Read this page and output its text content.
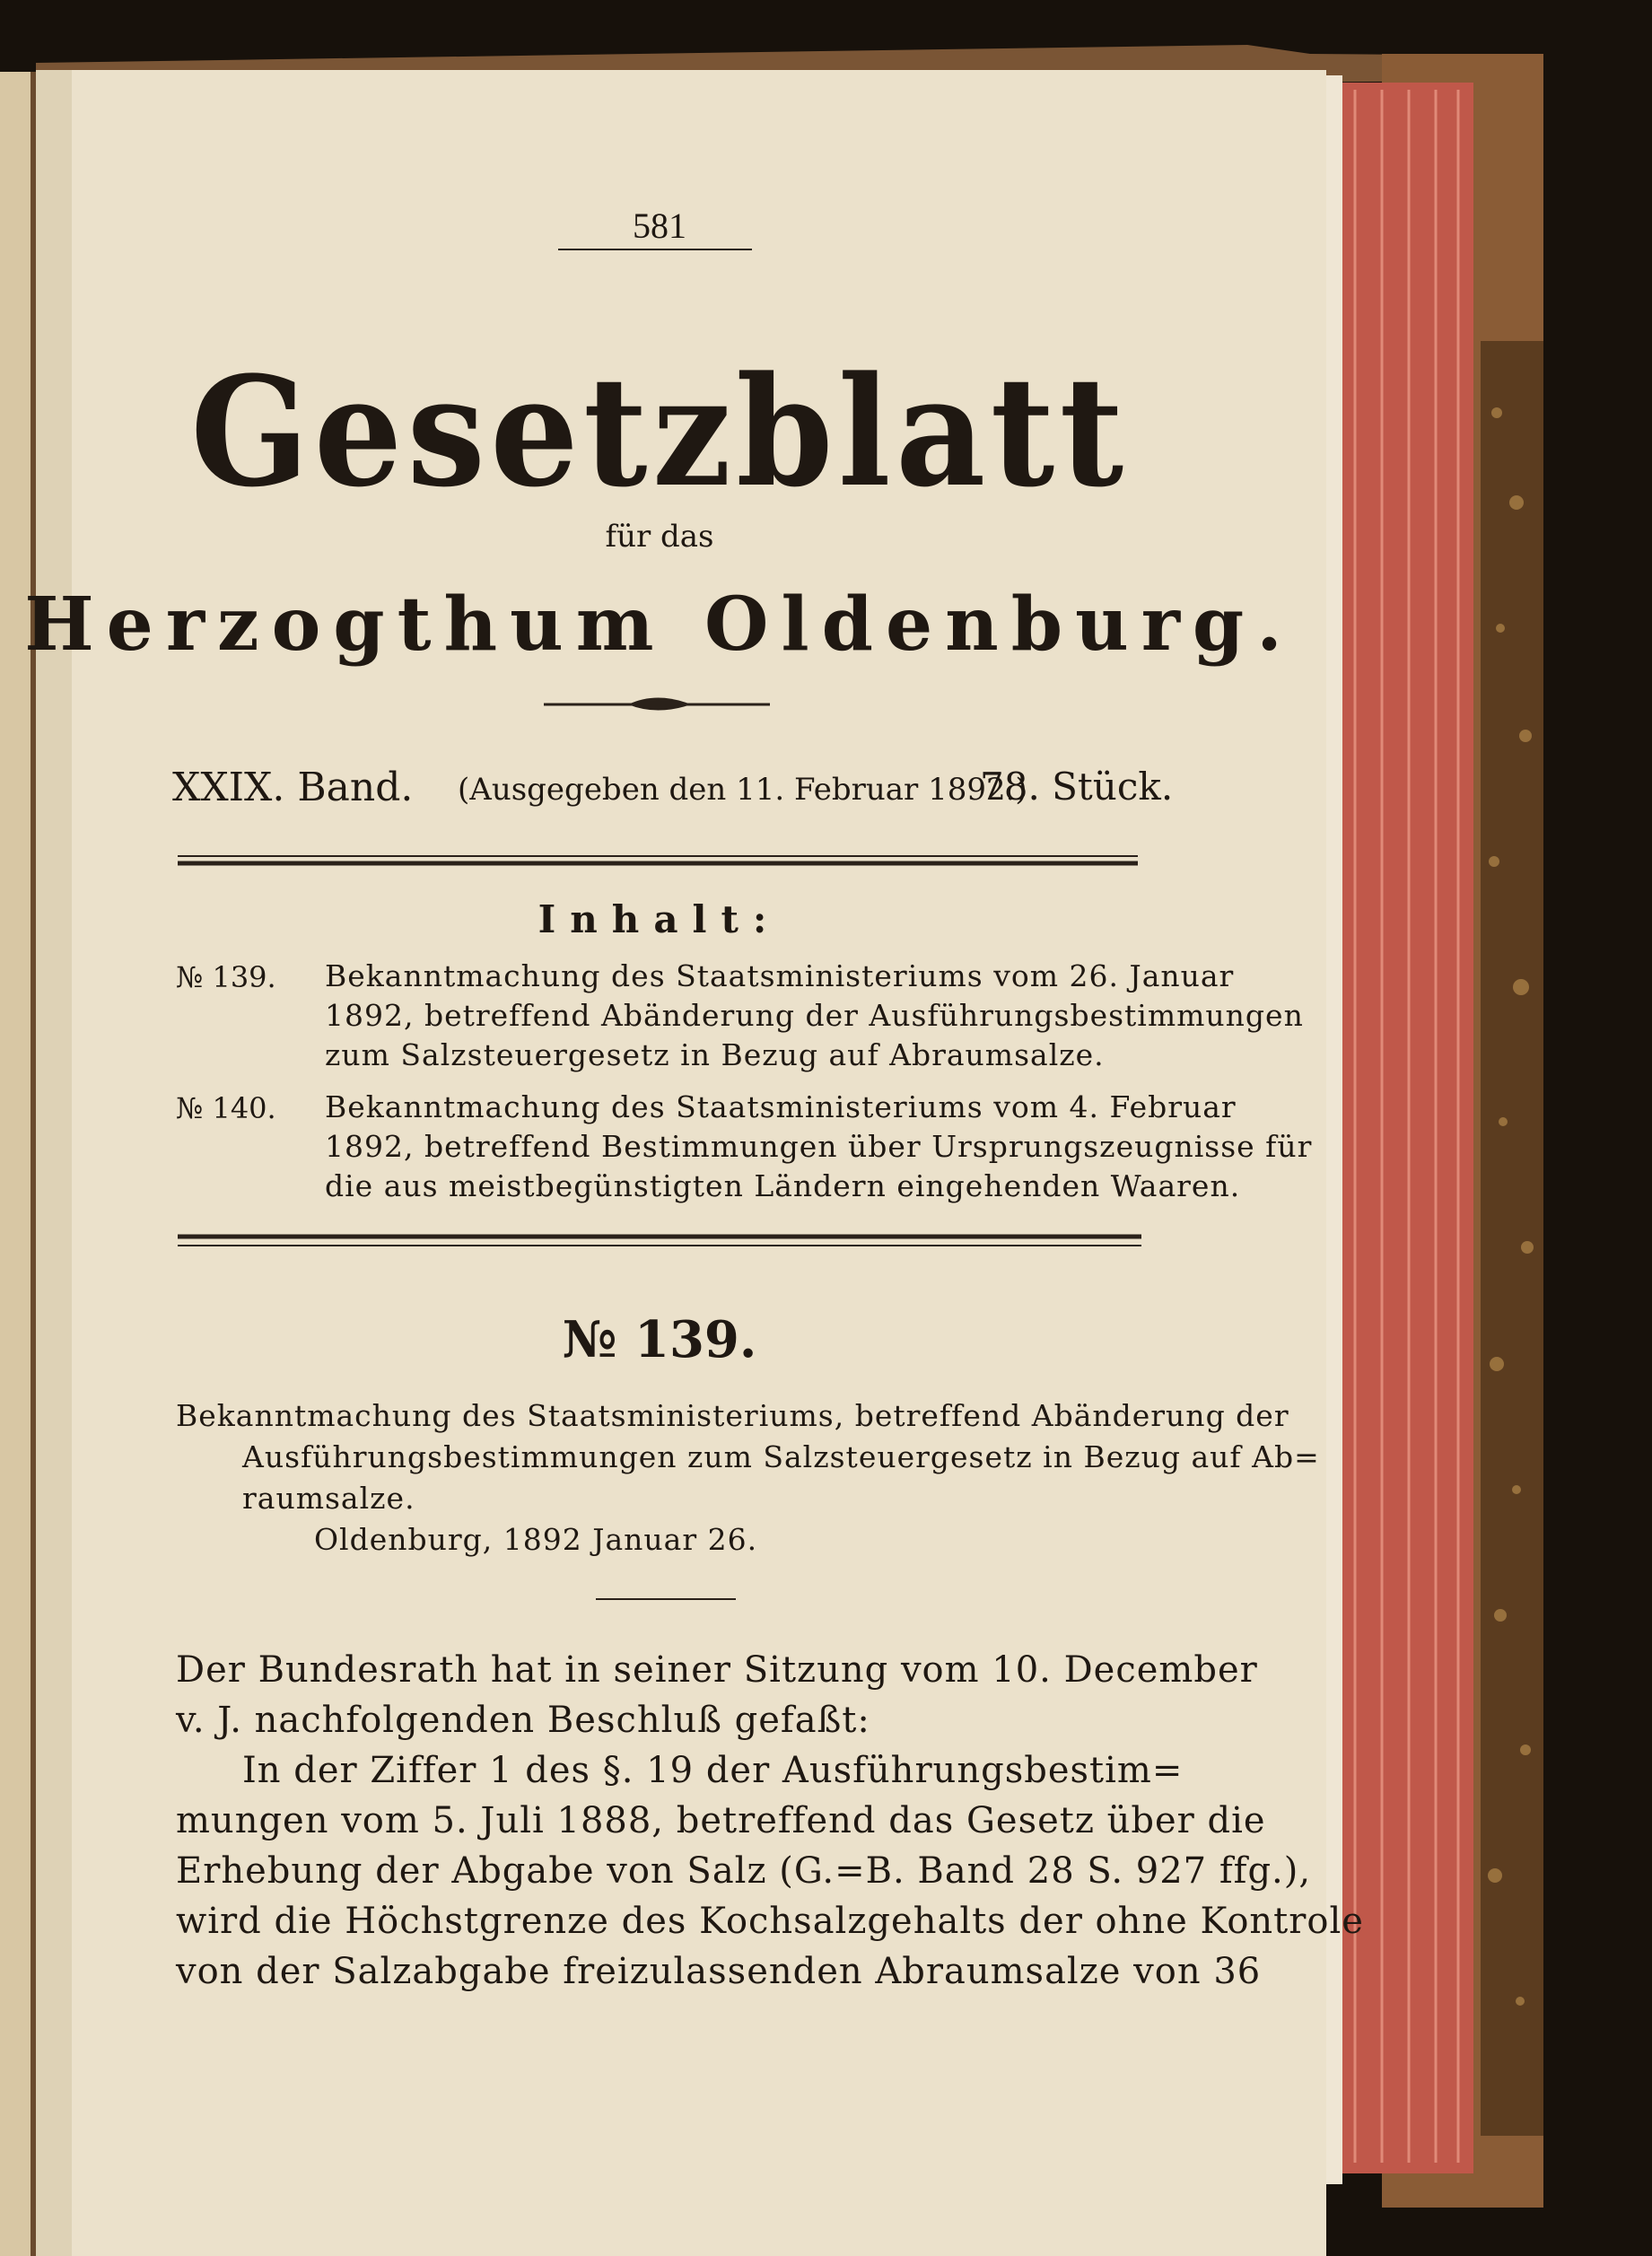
581
Gesetzblatt
für das
Herzogthum Oldenburg.
XXIX. Band. (Ausgegeben den 11. Februar 1892.)
78. Stück.
Inhalt:
№ 139. Bekanntmachung des Staatsministeriums vom 26. Januar
1892, betreffend Abänderung der Ausführungsbestimmungen
zum Salzsteuergesetz in Bezug auf Abraumsalze.
№ 140. Bekanntmachung des Staatsministeriums vom 4. Februar
1892, betreffend Bestimmungen über Ursprungszeugnisse für
die aus meistbegünstigten Ländern eingehenden Waaren.
№ 139.
Bekanntmachung des Staatsministeriums, betreffend Abänderung der
Ausführungsbestimmungen zum Salzsteuergesetz in Bezug auf Ab=
raumsalze.
Oldenburg, 1892 Januar 26.
Der Bundesrath hat in seiner Sitzung vom 10. December
v. J. nachfolgenden Beschluß gefaßt:
In der Ziffer 1 des §. 19 der Ausführungsbestim=
mungen vom 5. Juli 1888, betreffend das Gesetz über die
Erhebung der Abgabe von Salz (G.=B. Band 28 S. 927 ffg.),
wird die Höchstgrenze des Kochsalzgehalts der ohne Kontrole
von der Salzabgabe freizulassenden Abraumsalze von 36
